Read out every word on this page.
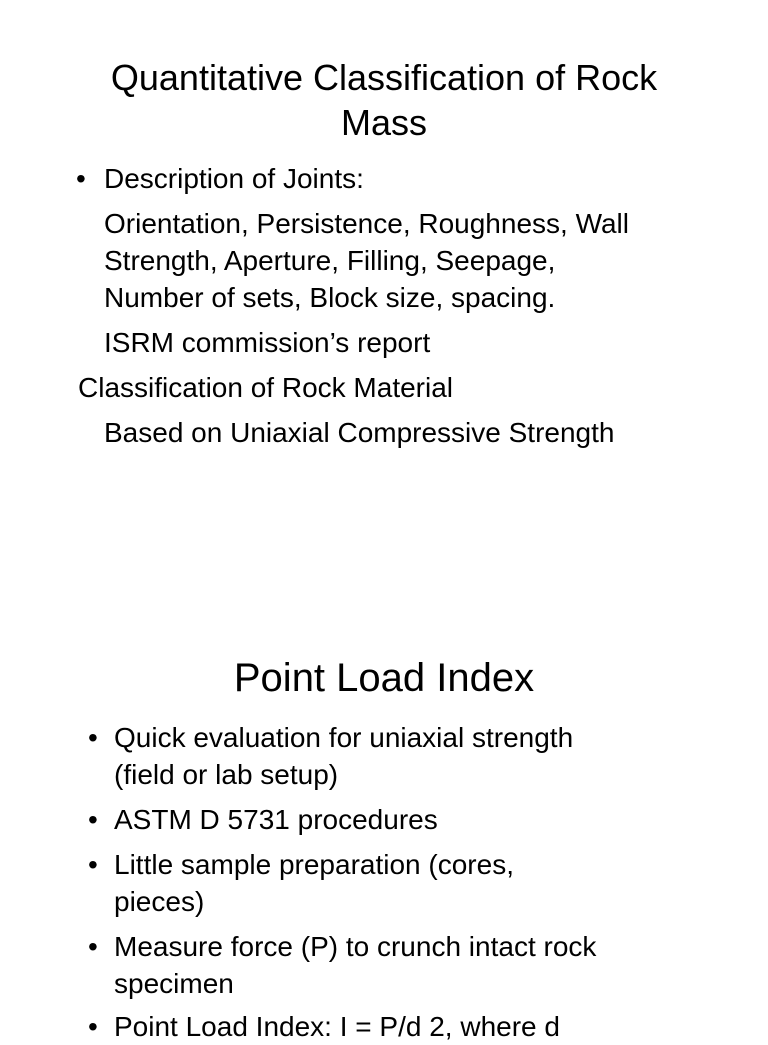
Quantitative Classification of Rock
Mass
• Description of Joints:
Orientation, Persistence, Roughness, Wall
Strength, Aperture, Filling, Seepage,
Number of sets, Block size, spacing.
ISRM commission’s report
Classification of Rock Material
Based on Uniaxial Compressive Strength
Point Load Index
• Quick evaluation for uniaxial strength
(field or lab setup)
• ASTM D 5731 procedures
• Little sample preparation (cores,
pieces)
• Measure force (P) to crunch intact rock
specimen
• Point Load Index: I = P/d 2, where d
